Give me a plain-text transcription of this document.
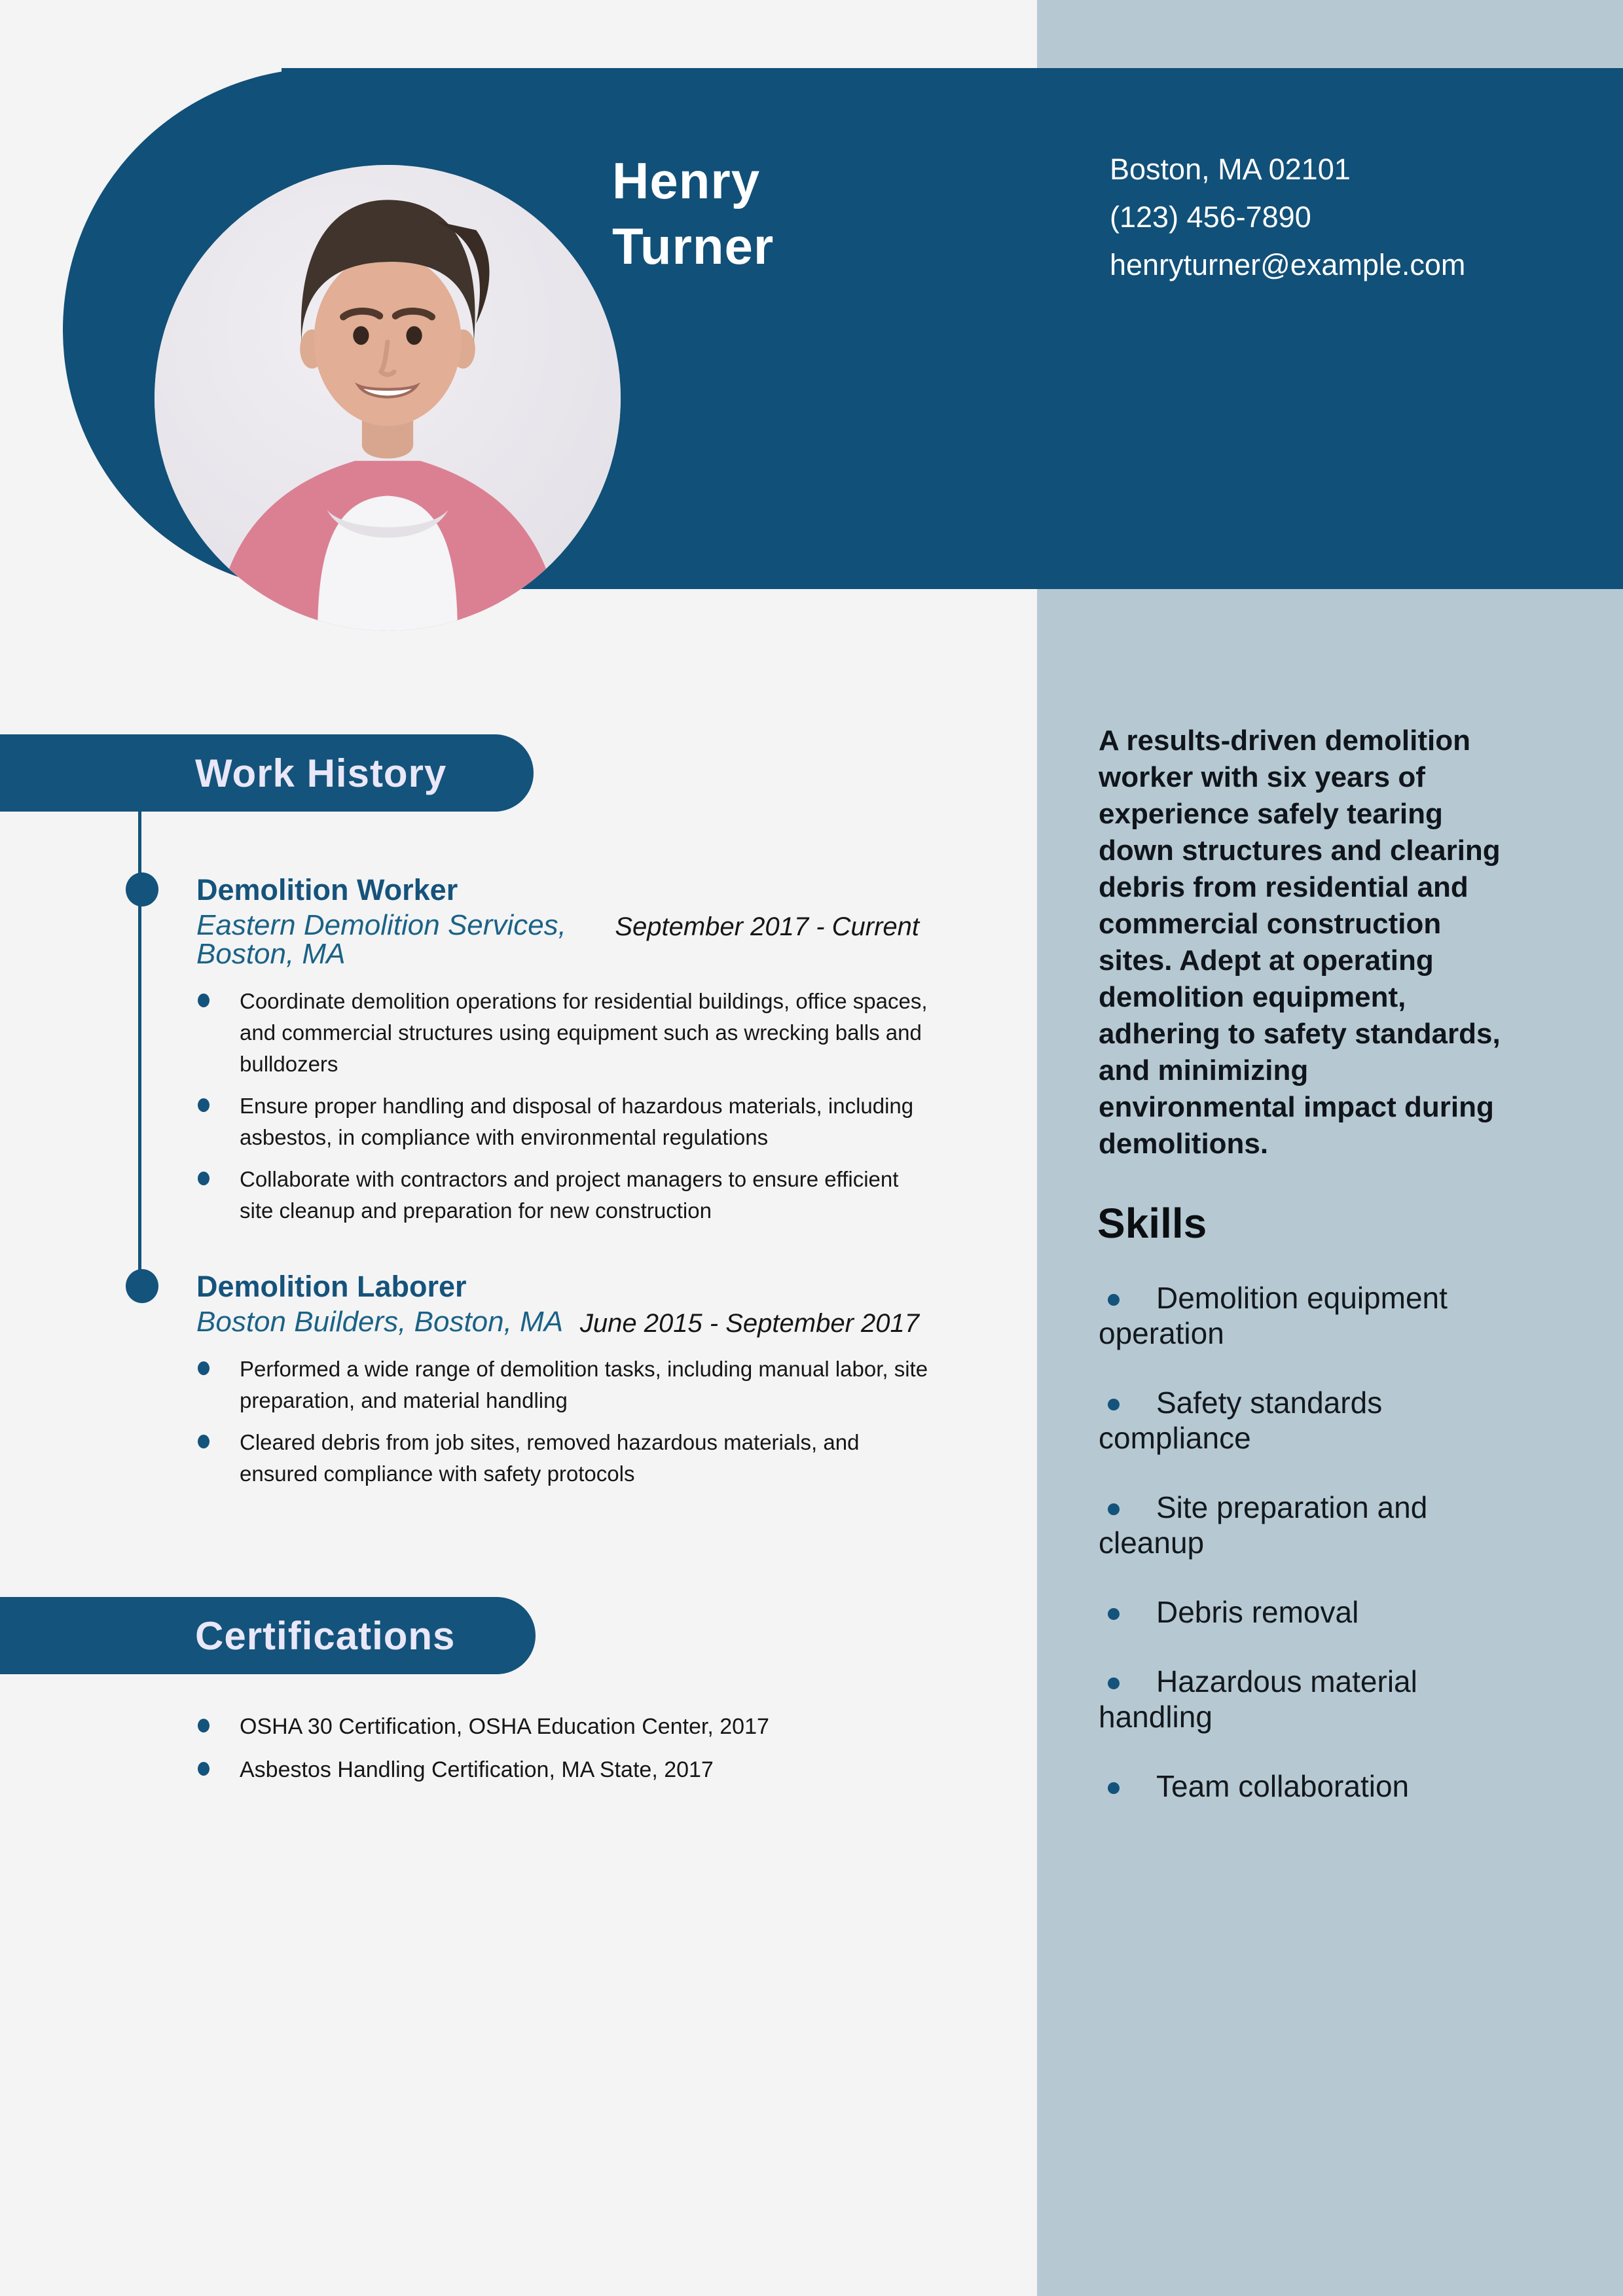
Henry
Turner
Boston, MA 02101
(123) 456-7890
henryturner@example.com
Work History
Demolition Worker
Eastern Demolition Services, Boston, MA
September 2017 - Current
Coordinate demolition operations for residential buildings, office spaces, and commercial structures using equipment such as wrecking balls and bulldozers
Ensure proper handling and disposal of hazardous materials, including asbestos, in compliance with environmental regulations
Collaborate with contractors and project managers to ensure efficient site cleanup and preparation for new construction
Demolition Laborer
Boston Builders, Boston, MA June 2015 - September 2017
Performed a wide range of demolition tasks, including manual labor, site preparation, and material handling
Cleared debris from job sites, removed hazardous materials, and ensured compliance with safety protocols
Certifications
OSHA 30 Certification, OSHA Education Center, 2017
Asbestos Handling Certification, MA State, 2017
A results-driven demolition worker with six years of experience safely tearing down structures and clearing debris from residential and commercial construction sites. Adept at operating demolition equipment, adhering to safety standards, and minimizing environmental impact during demolitions.
Skills
Demolition equipment operation
Safety standards compliance
Site preparation and cleanup
Debris removal
Hazardous material handling
Team collaboration
